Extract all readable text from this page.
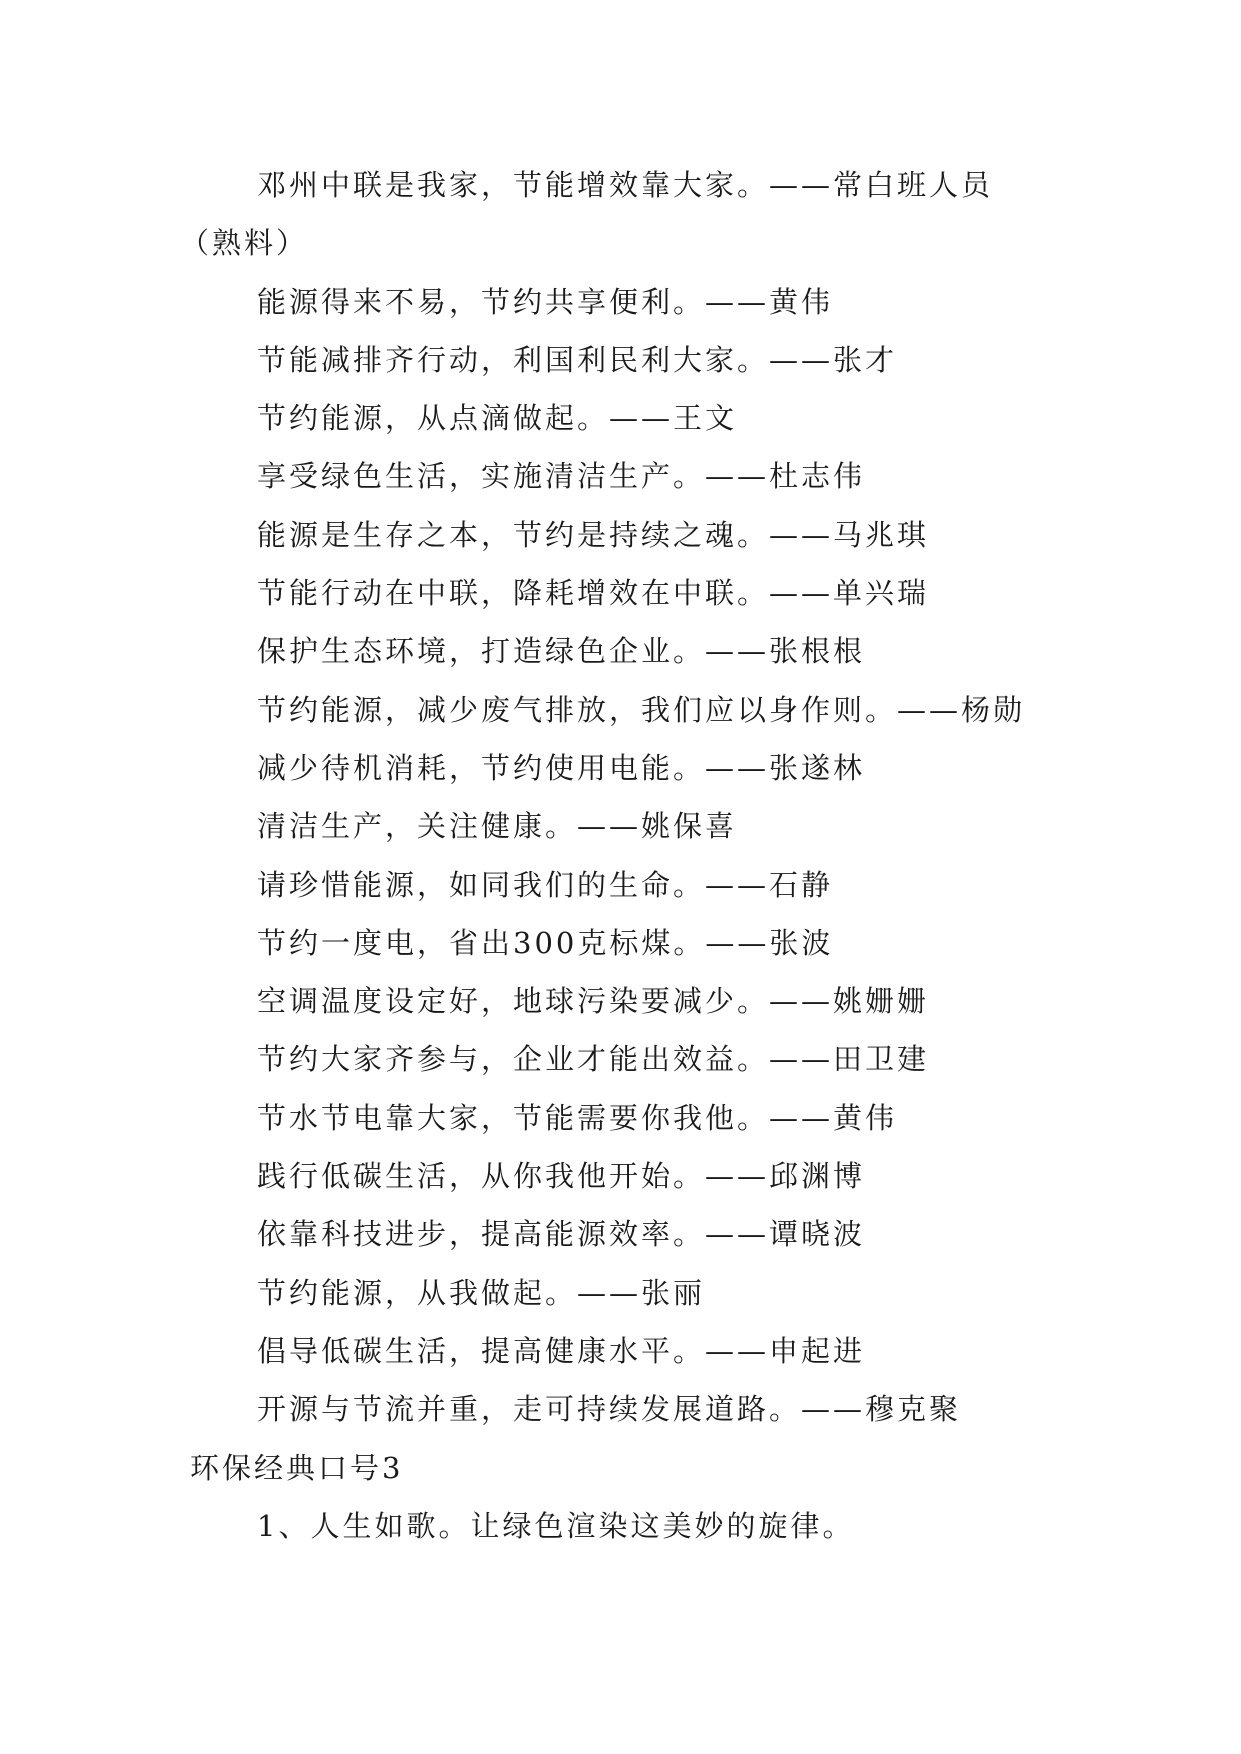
邓州中联是我家，节能增效靠大家。——常白班人员
（熟料）
能源得来不易，节约共享便利。——黄伟
节能减排齐行动，利国利民利大家。——张才
节约能源，从点滴做起。——王文
享受绿色生活，实施清洁生产。——杜志伟
能源是生存之本，节约是持续之魂。——马兆琪
节能行动在中联，降耗增效在中联。——单兴瑞
保护生态环境，打造绿色企业。——张根根
节约能源，减少废气排放，我们应以身作则。——杨勋
减少待机消耗，节约使用电能。——张遂林
清洁生产，关注健康。——姚保喜
请珍惜能源，如同我们的生命。——石静
节约一度电，省出300克标煤。——张波
空调温度设定好，地球污染要减少。——姚姗姗
节约大家齐参与，企业才能出效益。——田卫建
节水节电靠大家，节能需要你我他。——黄伟
践行低碳生活，从你我他开始。——邱渊博
依靠科技进步，提高能源效率。——谭晓波
节约能源，从我做起。——张丽
倡导低碳生活，提高健康水平。——申起进
开源与节流并重，走可持续发展道路。——穆克聚
环保经典口号3
1、人生如歌。让绿色渲染这美妙的旋律。
